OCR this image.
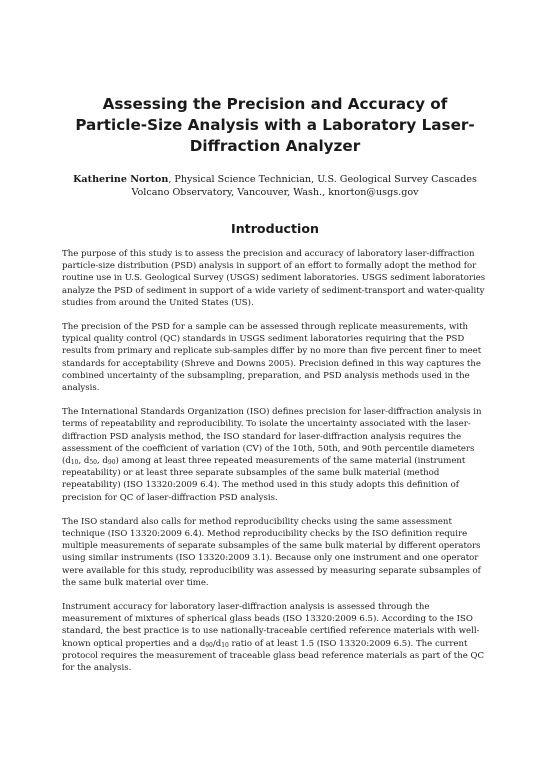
Assessing the Precision and Accuracy of Particle-Size Analysis with a Laboratory Laser-Diffraction Analyzer

Katherine Norton, Physical Science Technician, U.S. Geological Survey Cascades Volcano Observatory, Vancouver, Wash., knorton@usgs.gov

Introduction

The purpose of this study is to assess the precision and accuracy of laboratory laser-diffraction particle-size distribution (PSD) analysis in support of an effort to formally adopt the method for routine use in U.S. Geological Survey (USGS) sediment laboratories. USGS sediment laboratories analyze the PSD of sediment in support of a wide variety of sediment-transport and water-quality studies from around the United States (US).

The precision of the PSD for a sample can be assessed through replicate measurements, with typical quality control (QC) standards in USGS sediment laboratories requiring that the PSD results from primary and replicate sub-samples differ by no more than five percent finer to meet standards for acceptability (Shreve and Downs 2005). Precision defined in this way captures the combined uncertainty of the subsampling, preparation, and PSD analysis methods used in the analysis.

The International Standards Organization (ISO) defines precision for laser-diffraction analysis in terms of repeatability and reproducibility. To isolate the uncertainty associated with the laser-diffraction PSD analysis method, the ISO standard for laser-diffraction analysis requires the assessment of the coefficient of variation (CV) of the 10th, 50th, and 90th percentile diameters ($d_{10}$, $d_{50}$, $d_{90}$) among at least three repeated measurements of the same material (instrument repeatability) or at least three separate subsamples of the same bulk material (method repeatability) (ISO 13320:2009 6.4). The method used in this study adopts this definition of precision for QC of laser-diffraction PSD analysis.

The ISO standard also calls for method reproducibility checks using the same assessment technique (ISO 13320:2009 6.4). Method reproducibility checks by the ISO definition require multiple measurements of separate subsamples of the same bulk material by different operators using similar instruments (ISO 13320:2009 3.1). Because only one instrument and one operator were available for this study, reproducibility was assessed by measuring separate subsamples of the same bulk material over time.

Instrument accuracy for laboratory laser-diffraction analysis is assessed through the measurement of mixtures of spherical glass beads (ISO 13320:2009 6.5). According to the ISO standard, the best practice is to use nationally-traceable certified reference materials with well-known optical properties and a $d_{90}/d_{10}$ ratio of at least 1.5 (ISO 13320:2009 6.5). The current protocol requires the measurement of traceable glass bead reference materials as part of the QC for the analysis.
